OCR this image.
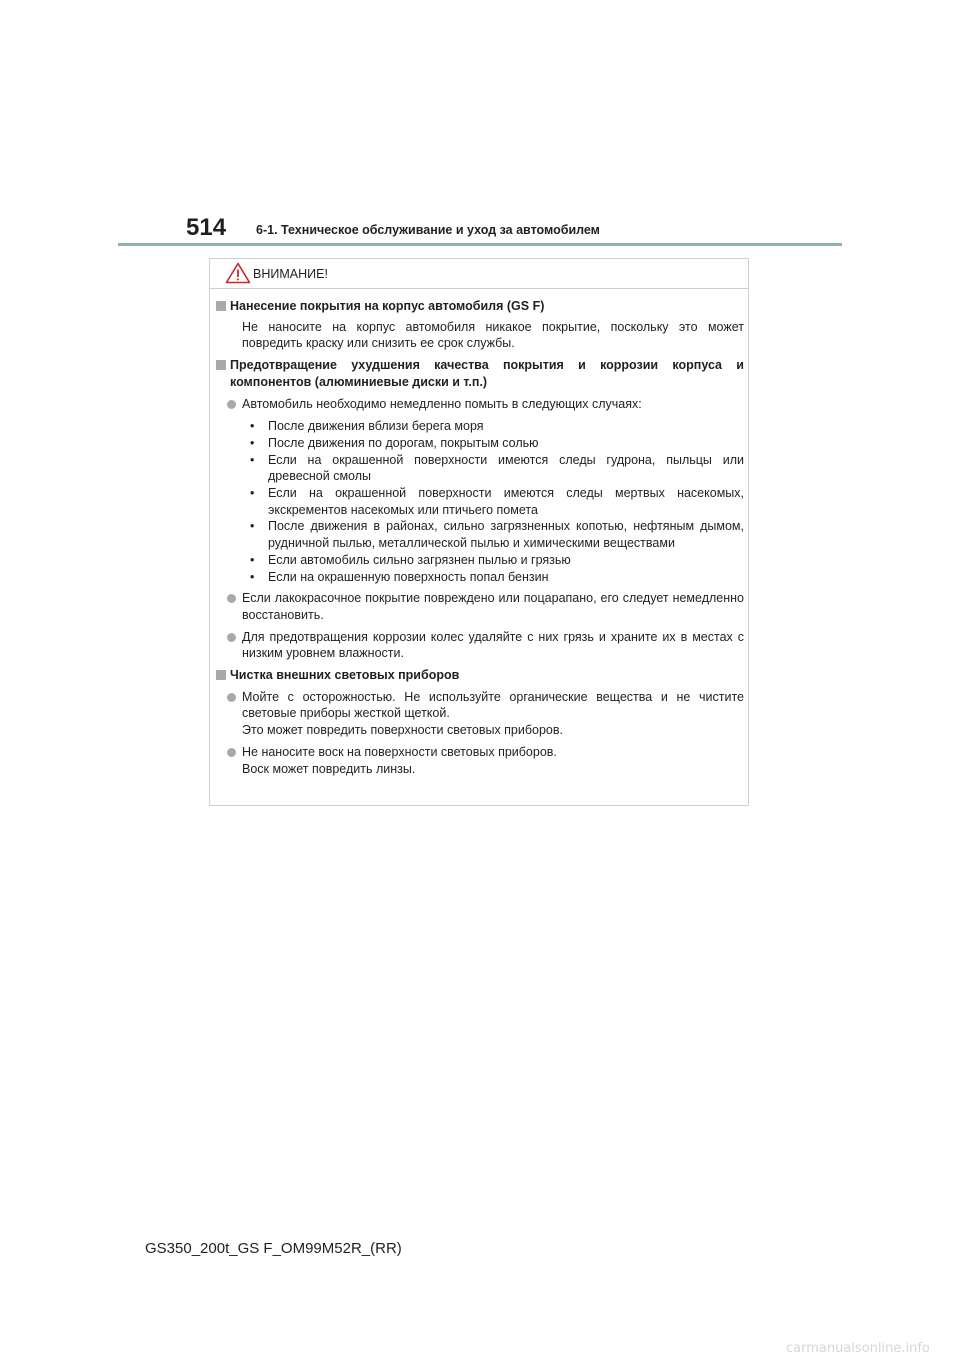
514 6-1. Техническое обслуживание и уход за автомобилем
ВНИМАНИЕ!
Нанесение покрытия на корпус автомобиля (GS F)
Не наносите на корпус автомобиля никакое покрытие, поскольку это может повредить краску или снизить ее срок службы.
Предотвращение ухудшения качества покрытия и коррозии корпуса и компонентов (алюминиевые диски и т.п.)
Автомобиль необходимо немедленно помыть в следующих случаях:
• После движения вблизи берега моря
• После движения по дорогам, покрытым солью
• Если на окрашенной поверхности имеются следы гудрона, пыльцы или древесной смолы
• Если на окрашенной поверхности имеются следы мертвых насекомых, экскрементов насекомых или птичьего помета
• После движения в районах, сильно загрязненных копотью, нефтяным дымом, рудничной пылью, металлической пылью и химическими веществами
• Если автомобиль сильно загрязнен пылью и грязью
• Если на окрашенную поверхность попал бензин
Если лакокрасочное покрытие повреждено или поцарапано, его следует немедленно восстановить.
Для предотвращения коррозии колес удаляйте с них грязь и храните их в местах с низким уровнем влажности.
Чистка внешних световых приборов
Мойте с осторожностью. Не используйте органические вещества и не чистите световые приборы жесткой щеткой.
Это может повредить поверхности световых приборов.
Не наносите воск на поверхности световых приборов.
Воск может повредить линзы.
GS350_200t_GS F_OM99M52R_(RR)
carmanualsonline.info
